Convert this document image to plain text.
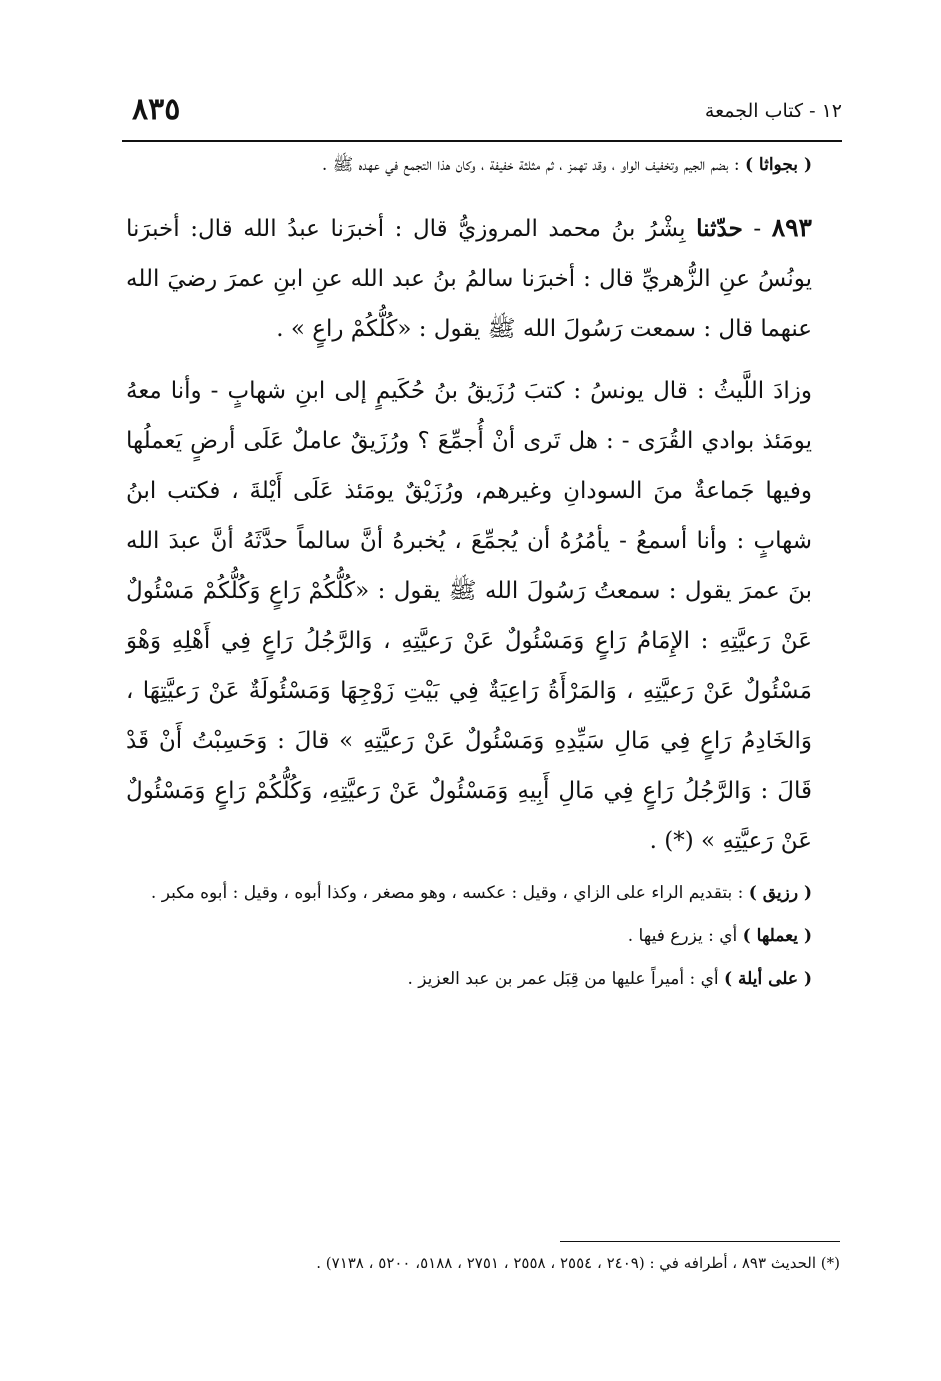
٨٣٥	١٢ - كتاب الجمعة

( بجواثا ) : بضم الجيم وتخفيف الواو ، وقد تهمز ، ثم مثلثة خفيفة ، وكان هذا التجمع في عهده ﷺ .

٨٩٣ - حدّثنا بِشْرُ بنُ محمد المروزيُّ قال : أخبرَنا عبدُ الله قال: أخبرَنا يونُسُ عنِ الزُّهريِّ قال : أخبرَنا سالمُ بنُ عبد الله عنِ ابنِ عمرَ رضيَ الله عنهما قال : سمعت رَسُولَ الله ﷺ يقول : «كُلُّكُمْ راعٍ » .

وزادَ اللَّيثُ : قال يونسُ : كتبَ رُزَيقُ بنُ حُكَيمٍ إلى ابنِ شهابٍ - وأنا معهُ يومَئذ بوادي القُرَى - : هل تَرى أنْ أُجمِّعَ ؟ ورُزَيقٌ عاملٌ عَلَى أرضٍ يَعملُها وفيها جَماعةٌ منَ السودانِ وغيرهم، ورُزَيْقٌ يومَئذ عَلَى أَيْلةَ ، فكتب ابنُ شهابٍ : وأنا أسمعُ - يأمُرُهُ أن يُجمِّعَ ، يُخبرهُ أنَّ سالماً حدَّثَهُ أنَّ عبدَ الله بنَ عمرَ يقول : سمعتُ رَسُولَ الله ﷺ يقول : «كُلُّكُمْ رَاعٍ وَكُلُّكُمْ مَسْئُولٌ عَنْ رَعيَّتِهِ : الإِمَامُ رَاعٍ وَمَسْئُولٌ عَنْ رَعيَّتِهِ ، وَالرَّجُلُ رَاعٍ فِي أَهْلِهِ وَهْوَ مَسْئُولٌ عَنْ رَعيَّتِهِ ، وَالمَرْأَةُ رَاعِيَةٌ فِي بَيْتِ زَوْجِهَا وَمَسْئُولَةٌ عَنْ رَعيَّتِهَا ، وَالخَادِمُ رَاعٍ فِي مَالِ سَيِّدِهِ وَمَسْئُولٌ عَنْ رَعيَّتِهِ » قالَ : وَحَسِبْتُ أَنْ قَدْ قَالَ : وَالرَّجُلُ رَاعٍ فِي مَالِ أَبِيهِ وَمَسْئُولٌ عَنْ رَعيَّتِهِ، وَكُلُّكُمْ رَاعٍ وَمَسْئُولٌ عَنْ رَعيَّتِهِ » (*) .

( رزيق ) : بتقديم الراء على الزاي ، وقيل : عكسه ، وهو مصغر ، وكذا أبوه ، وقيل : أبوه مكبر .

( يعملها ) أي : يزرع فيها .

( على أيلة ) أي : أميراً عليها من قِبَل عمر بن عبد العزيز .

(*) الحديث ٨٩٣ ، أطرافه في : (٢٤٠٩ ، ٢٥٥٤ ، ٢٥٥٨ ، ٢٧٥١ ، ٥١٨٨، ٥٢٠٠ ، ٧١٣٨) .
